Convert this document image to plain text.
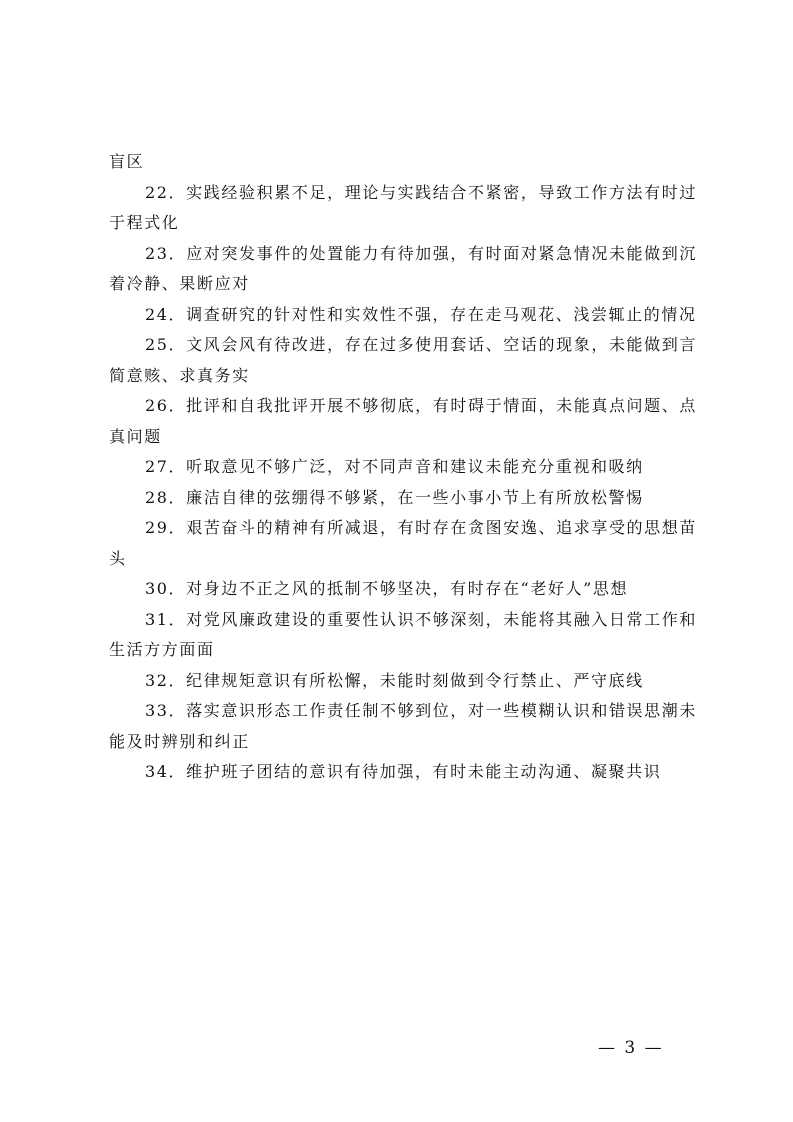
盲区

22．实践经验积累不足，理论与实践结合不紧密，导致工作方法有时过于程式化

23．应对突发事件的处置能力有待加强，有时面对紧急情况未能做到沉着冷静、果断应对

24．调查研究的针对性和实效性不强，存在走马观花、浅尝辄止的情况

25．文风会风有待改进，存在过多使用套话、空话的现象，未能做到言简意赅、求真务实

26．批评和自我批评开展不够彻底，有时碍于情面，未能真点问题、点真问题

27．听取意见不够广泛，对不同声音和建议未能充分重视和吸纳

28．廉洁自律的弦绷得不够紧，在一些小事小节上有所放松警惕

29．艰苦奋斗的精神有所减退，有时存在贪图安逸、追求享受的思想苗头

30．对身边不正之风的抵制不够坚决，有时存在“老好人”思想

31．对党风廉政建设的重要性认识不够深刻，未能将其融入日常工作和生活方方面面

32．纪律规矩意识有所松懈，未能时刻做到令行禁止、严守底线

33．落实意识形态工作责任制不够到位，对一些模糊认识和错误思潮未能及时辨别和纠正

34．维护班子团结的意识有待加强，有时未能主动沟通、凝聚共识

— 3 —
